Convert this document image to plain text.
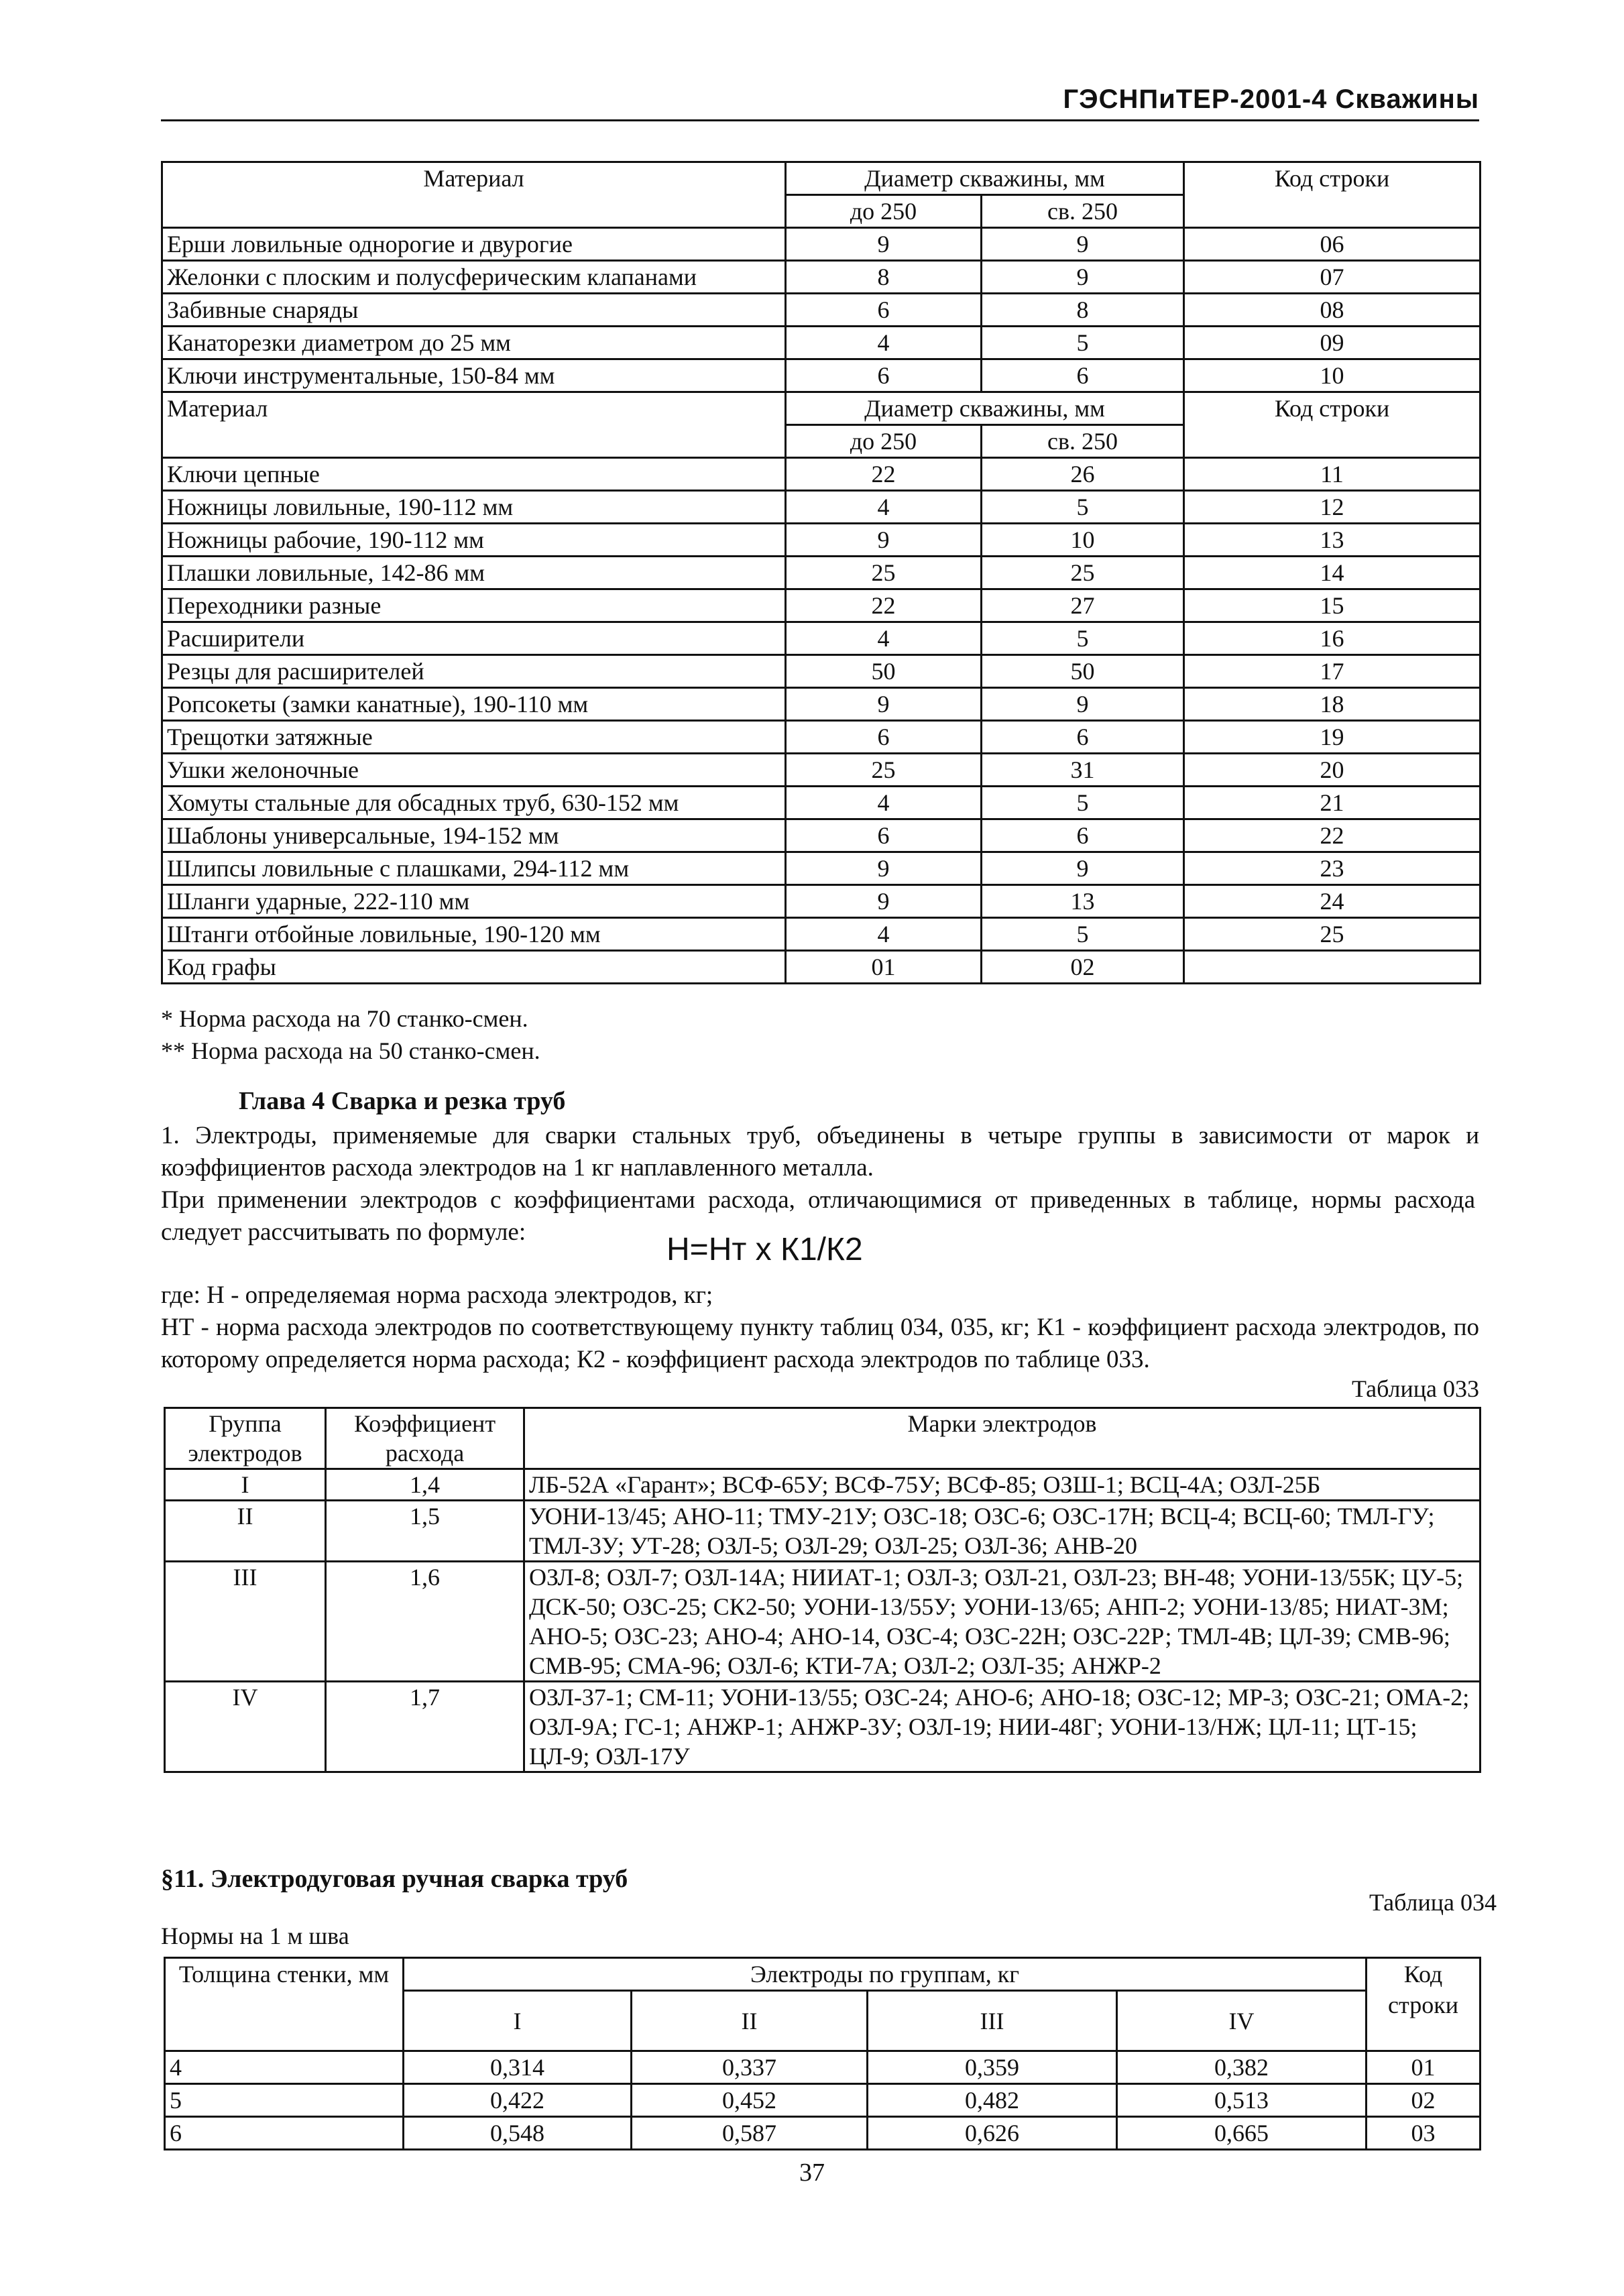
ГЭСНПиТЕР-2001-4 Скважины
Материал	Диаметр скважины, мм		Код строки
	до 250	св. 250	
Ерши ловильные однорогие и двурогие	9	9	06
Желонки с плоским и полусферическим клапанами	8	9	07
Забивные снаряды	6	8	08
Канаторезки диаметром до 25 мм	4	5	09
Ключи инструментальные, 150-84 мм	6	6	10
Материал	Диаметр скважины, мм		Код строки
	до 250	св. 250	
Ключи цепные	22	26	11
Ножницы ловильные, 190-112 мм	4	5	12
Ножницы рабочие, 190-112 мм	9	10	13
Плашки ловильные, 142-86 мм	25	25	14
Переходники разные	22	27	15
Расширители	4	5	16
Резцы для расширителей	50	50	17
Ропсокеты (замки канатные), 190-110 мм	9	9	18
Трещотки затяжные	6	6	19
Ушки желоночные	25	31	20
Хомуты стальные для обсадных труб, 630-152 мм	4	5	21
Шаблоны универсальные, 194-152 мм	6	6	22
Шлипсы ловильные с плашками, 294-112 мм	9	9	23
Шланги ударные, 222-110 мм	9	13	24
Штанги отбойные ловильные, 190-120 мм	4	5	25
Код графы	01	02	
* Норма расхода на 70 станко-смен.
** Норма расхода на 50 станко-смен.
Глава 4 Сварка и резка труб
1. Электроды, применяемые для сварки стальных труб, объединены в четыре группы в зависимости от марок и коэффициентов расхода электродов на 1 кг наплавленного металла.
При применении электродов с коэффициентами расхода, отличающимися от приведенных в таблице, нормы расхода следует рассчитывать по формуле:	Н=Нт х К1/К2
где: Н - определяемая норма расхода электродов, кг;
НТ - норма расхода электродов по соответствующему пункту таблиц 034, 035, кг; К1 - коэффициент расхода электродов, по которому определяется норма расхода; К2 - коэффициент расхода электродов по таблице 033.
Таблица 033
Группа электродов	Коэффициент расхода	Марки электродов
I	1,4	ЛБ-52А «Гарант»; ВСФ-65У; ВСФ-75У; ВСФ-85; ОЗШ-1; ВСЦ-4А; ОЗЛ-25Б
II	1,5	УОНИ-13/45; АНО-11; ТМУ-21У; ОЗС-18; ОЗС-6; ОЗС-17Н; ВСЦ-4; ВСЦ-60; ТМЛ-ГУ; ТМЛ-3У; УТ-28; ОЗЛ-5; ОЗЛ-29; ОЗЛ-25; ОЗЛ-36; АНВ-20
III	1,6	ОЗЛ-8; ОЗЛ-7; ОЗЛ-14А; НИИАТ-1; ОЗЛ-3; ОЗЛ-21, ОЗЛ-23; ВН-48; УОНИ-13/55К; ЦУ-5; ДСК-50; ОЗС-25; СК2-50; УОНИ-13/55У; УОНИ-13/65; АНП-2; УОНИ-13/85; НИАТ-3М; АНО-5; ОЗС-23; АНО-4; АНО-14, ОЗС-4; ОЗС-22Н; ОЗС-22Р; ТМЛ-4В; ЦЛ-39; СМВ-96; СМВ-95; СМА-96; ОЗЛ-6; КТИ-7А; ОЗЛ-2; ОЗЛ-35; АНЖР-2
IV	1,7	ОЗЛ-37-1; СМ-11; УОНИ-13/55; ОЗС-24; АНО-6; АНО-18; ОЗС-12; МР-3; ОЗС-21; ОМА-2; ОЗЛ-9А; ГС-1; АНЖР-1; АНЖР-3У; ОЗЛ-19; НИИ-48Г; УОНИ-13/НЖ; ЦЛ-11; ЦТ-15; ЦЛ-9; ОЗЛ-17У
§11. Электродуговая ручная сварка труб
Таблица 034
Нормы на 1 м шва
Толщина стенки, мм	Электроды по группам, кг				Код строки
	I	II	III	IV	
4	0,314	0,337	0,359	0,382	01
5	0,422	0,452	0,482	0,513	02
6	0,548	0,587	0,626	0,665	03
37
